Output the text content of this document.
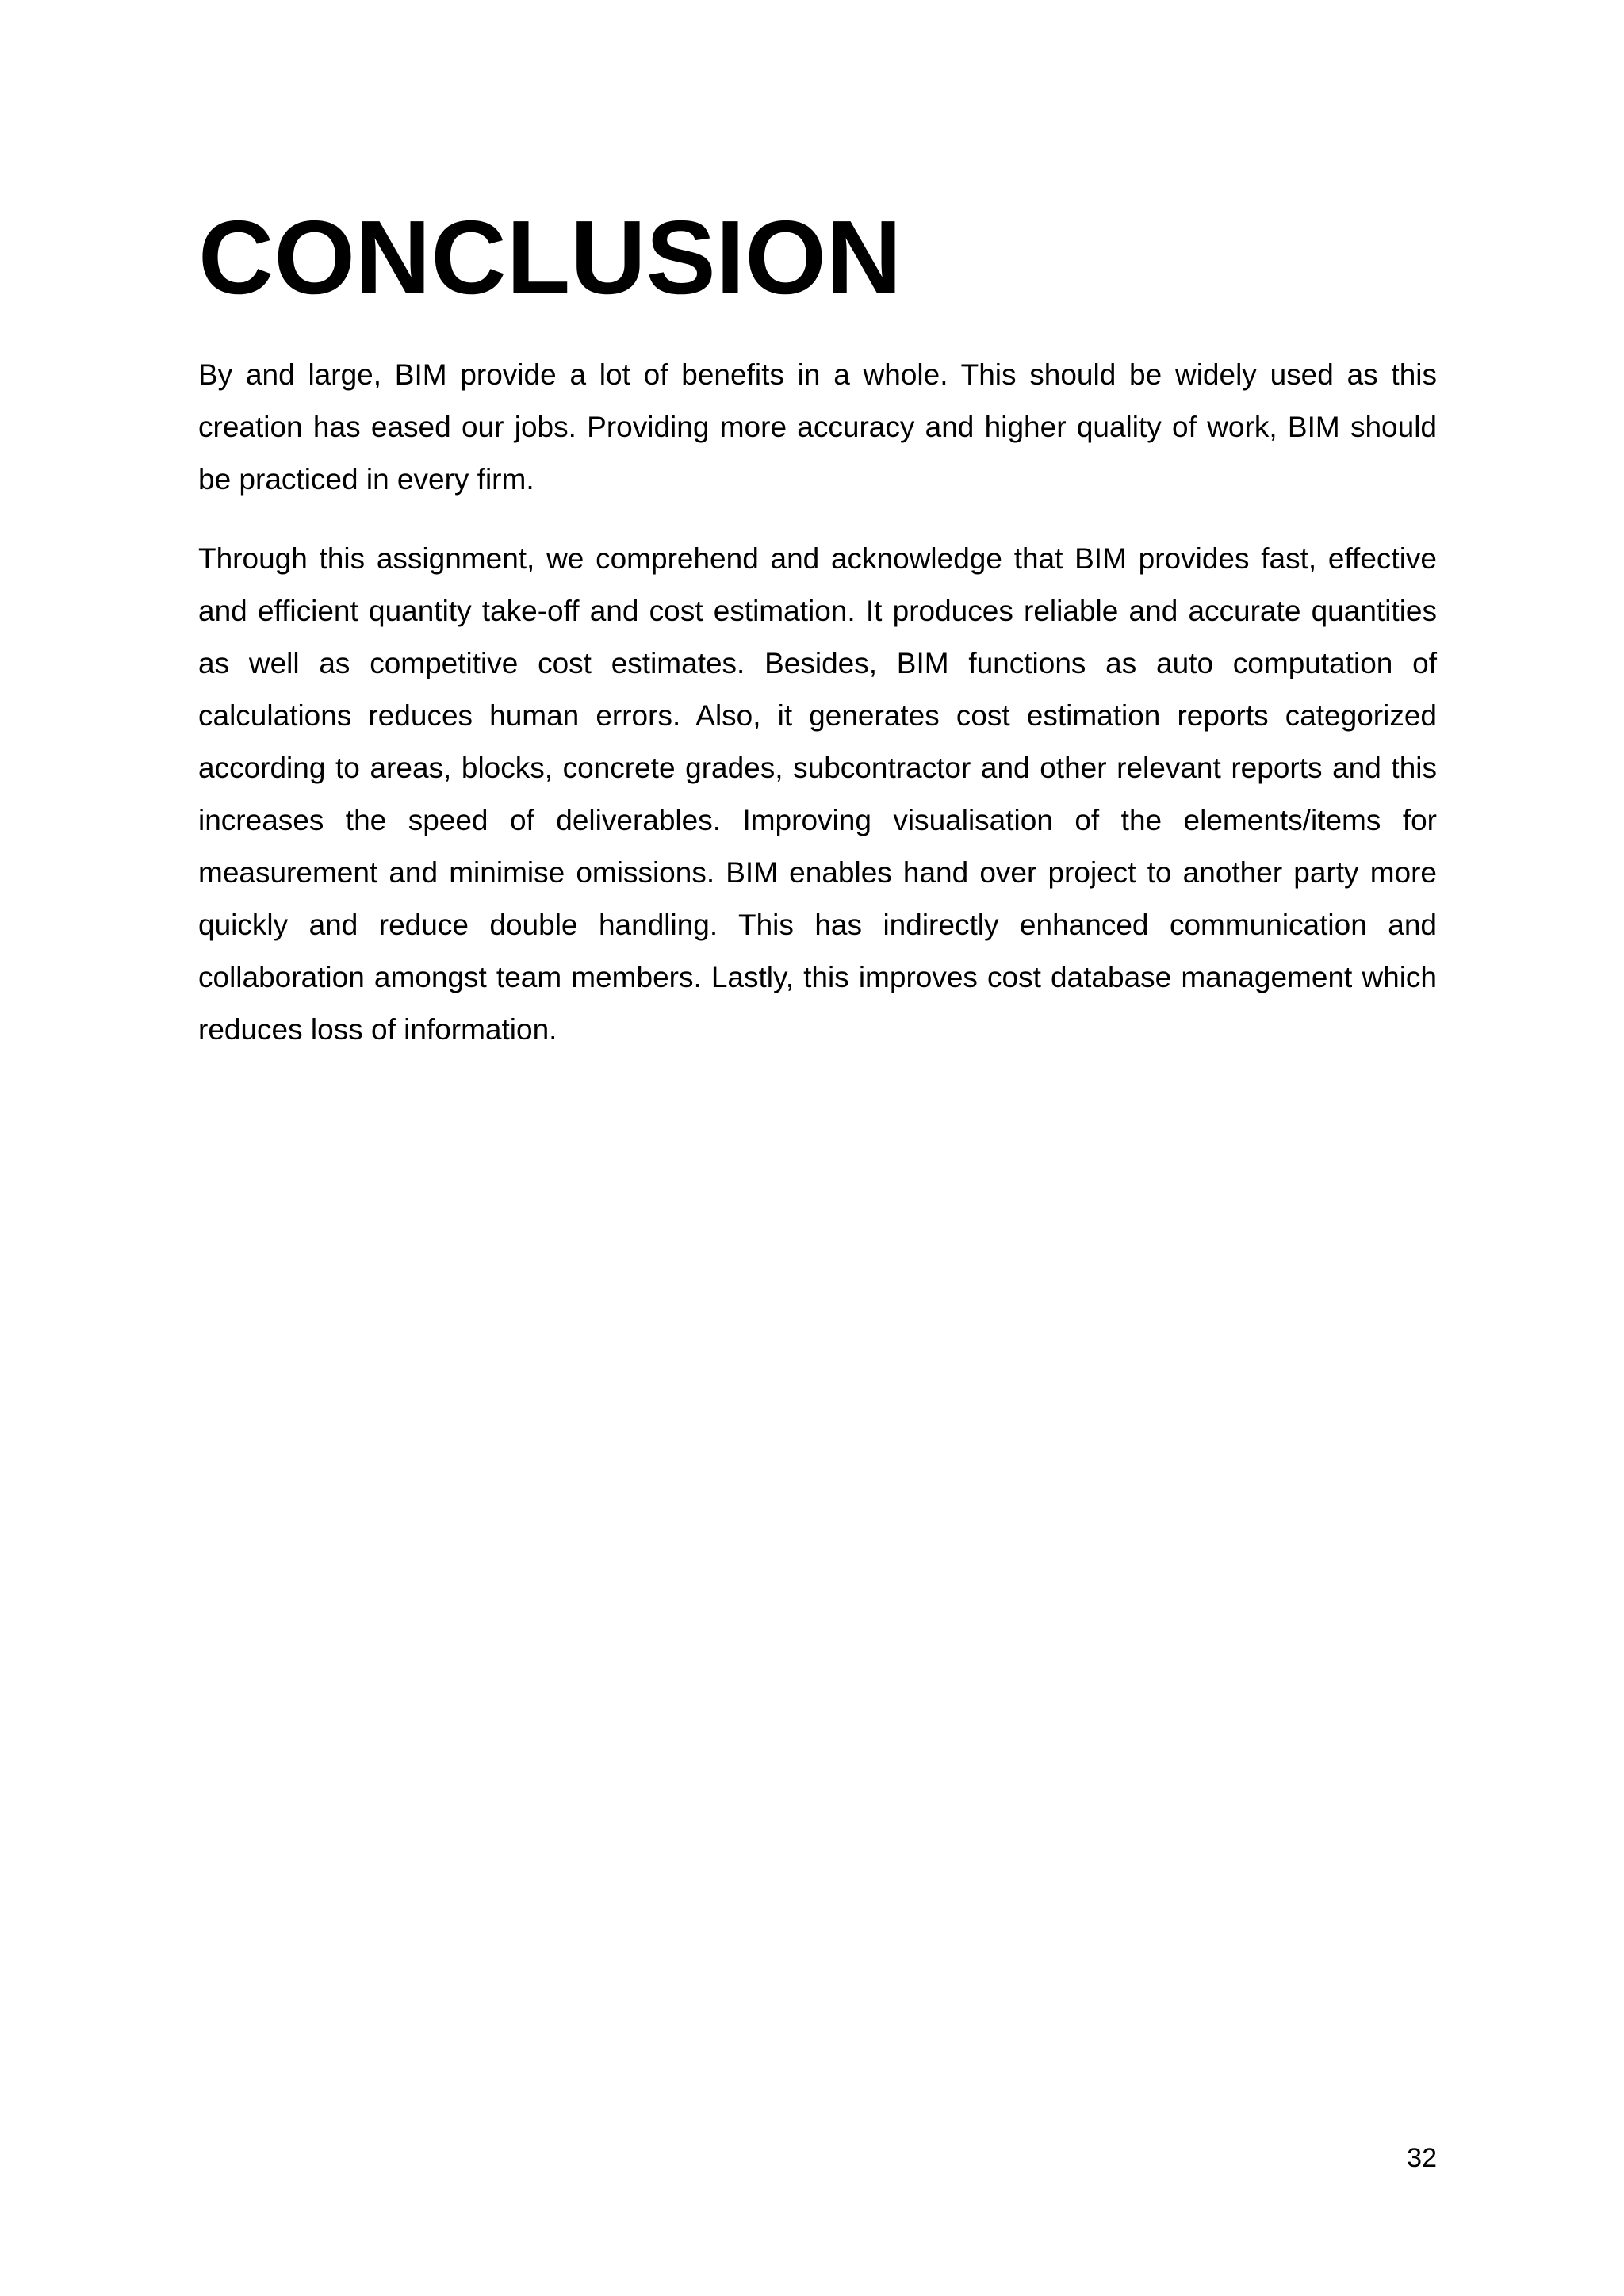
CONCLUSION

By and large, BIM provide a lot of benefits in a whole. This should be widely used as this creation has eased our jobs. Providing more accuracy and higher quality of work, BIM should be practiced in every firm.

Through this assignment, we comprehend and acknowledge that BIM provides fast, effective and efficient quantity take-off and cost estimation. It produces reliable and accurate quantities as well as competitive cost estimates. Besides, BIM functions as auto computation of calculations reduces human errors. Also, it generates cost estimation reports categorized according to areas, blocks, concrete grades, subcontractor and other relevant reports and this increases the speed of deliverables. Improving visualisation of the elements/items for measurement and minimise omissions. BIM enables hand over project to another party more quickly and reduce double handling. This has indirectly enhanced communication and collaboration amongst team members. Lastly, this improves cost database management which reduces loss of information.

32
